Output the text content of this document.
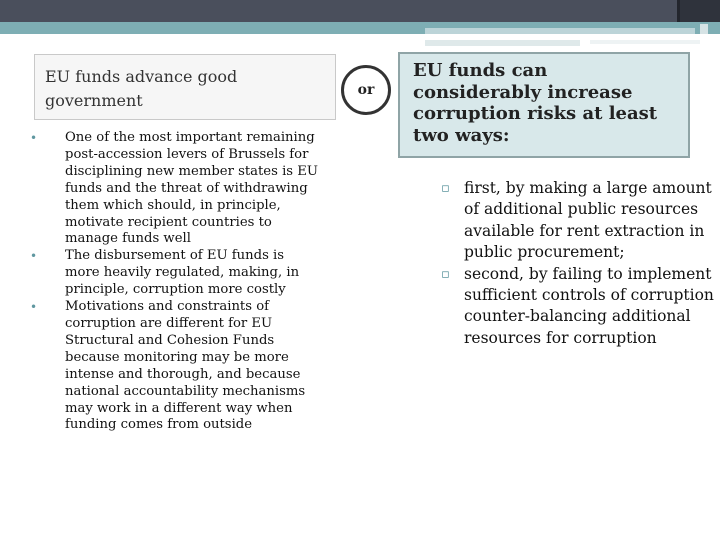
EU funds advance good government
•	One of the most important remaining post-accession levers of Brussels for disciplining new member states is EU funds and the threat of withdrawing them which should, in principle, motivate recipient countries to manage funds well
•	The disbursement of EU funds is more heavily regulated, making, in principle, corruption more costly
•	Motivations and constraints of corruption are different for EU Structural and Cohesion Funds because monitoring may be more intense and thorough, and because national accountability mechanisms may work in a different way when funding comes from outside
or
EU funds can considerably increase corruption risks at least two ways:
▫ first, by making a large amount of additional public resources available for rent extraction in public procurement;
▫ second, by failing to implement sufficient controls of corruption counter-balancing additional resources for corruption
